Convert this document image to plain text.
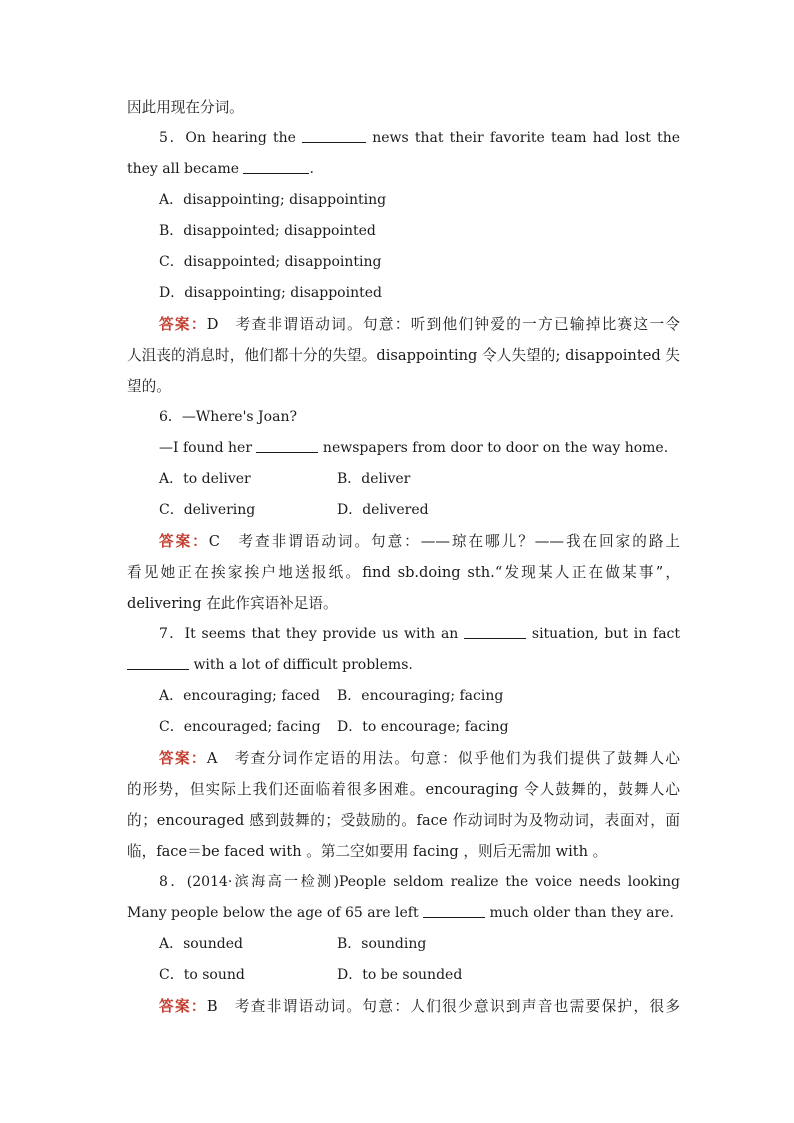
因此用现在分词。
5．On hearing the	news that their favorite team had lost the
they all became	.
A．disappointing; disappointing
B．disappointed; disappointed
C．disappointed; disappointing
D．disappointing; disappointed
答案：D　考查非谓语动词。句意：听到他们钟爱的一方已输掉比赛这一令
人沮丧的消息时，他们都十分的失望。disappointing 令人失望的; disappointed 失
望的。
6．—Where's Joan?
—I found her	newspapers from door to door on the way home.
A．to deliver	B．deliver
C．delivering	D．delivered
答案：C　考查非谓语动词。句意：——琼在哪儿？——我在回家的路上
看见她正在挨家挨户地送报纸。find sb.doing sth.“发现某人正在做某事”，
delivering 在此作宾语补足语。
7．It seems that they provide us with an	situation, but in fact
with a lot of difficult problems.
A．encouraging; faced B．encouraging; facing
C．encouraged; facing D．to encourage; facing
答案：A　考查分词作定语的用法。句意：似乎他们为我们提供了鼓舞人心
的形势，但实际上我们还面临着很多困难。encouraging 令人鼓舞的，鼓舞人心
的；encouraged 感到鼓舞的；受鼓励的。face 作动词时为及物动词，表面对，面
临，face＝be faced with 。第二空如要用 facing ，则后无需加 with 。
8．(2014·滨海高一检测)People seldom realize the voice needs looking
Many people below the age of 65 are left	much older than they are.
A．sounded	B．sounding
C．to sound	D．to be sounded
答案：B　考查非谓语动词。句意：人们很少意识到声音也需要保护，很多
